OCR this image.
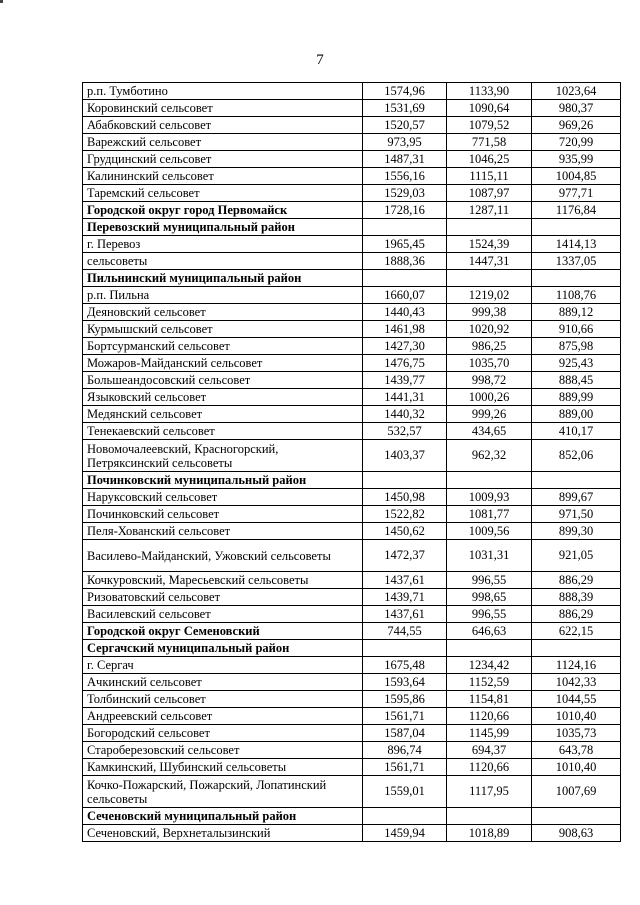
7
р.п. Тумботино	1574,96	1133,90	1023,64
Коровинский сельсовет	1531,69	1090,64	980,37
Абабковский сельсовет	1520,57	1079,52	969,26
Варежский сельсовет	973,95	771,58	720,99
Грудцинский сельсовет	1487,31	1046,25	935,99
Калининский сельсовет	1556,16	1115,11	1004,85
Таремский сельсовет	1529,03	1087,97	977,71
Городской округ город Первомайск	1728,16	1287,11	1176,84
Перевозский муниципальный район			
г. Перевоз	1965,45	1524,39	1414,13
сельсоветы	1888,36	1447,31	1337,05
Пильнинский муниципальный район			
р.п. Пильна	1660,07	1219,02	1108,76
Деяновский сельсовет	1440,43	999,38	889,12
Курмышский сельсовет	1461,98	1020,92	910,66
Бортсурманский сельсовет	1427,30	986,25	875,98
Можаров-Майданский сельсовет	1476,75	1035,70	925,43
Большеандосовский сельсовет	1439,77	998,72	888,45
Языковский сельсовет	1441,31	1000,26	889,99
Медянский сельсовет	1440,32	999,26	889,00
Тенекаевский сельсовет	532,57	434,65	410,17
Новомочалеевский, Красногорский, Петряксинский сельсоветы	1403,37	962,32	852,06
Починковский муниципальный район			
Наруксовский сельсовет	1450,98	1009,93	899,67
Починковский сельсовет	1522,82	1081,77	971,50
Пеля-Хованский сельсовет	1450,62	1009,56	899,30
Василево-Майданский, Ужовский сельсоветы	1472,37	1031,31	921,05
Кочкуровский, Маресьевский сельсоветы	1437,61	996,55	886,29
Ризоватовский сельсовет	1439,71	998,65	888,39
Василевский сельсовет	1437,61	996,55	886,29
Городской округ Семеновский	744,55	646,63	622,15
Сергачский муниципальный район			
г. Сергач	1675,48	1234,42	1124,16
Ачкинский сельсовет	1593,64	1152,59	1042,33
Толбинский сельсовет	1595,86	1154,81	1044,55
Андреевский сельсовет	1561,71	1120,66	1010,40
Богородский сельсовет	1587,04	1145,99	1035,73
Староберезовский сельсовет	896,74	694,37	643,78
Камкинский, Шубинский сельсоветы	1561,71	1120,66	1010,40
Кочко-Пожарский, Пожарский, Лопатинский сельсоветы	1559,01	1117,95	1007,69
Сеченовский муниципальный район			
Сеченовский, Верхнеталызинский	1459,94	1018,89	908,63
